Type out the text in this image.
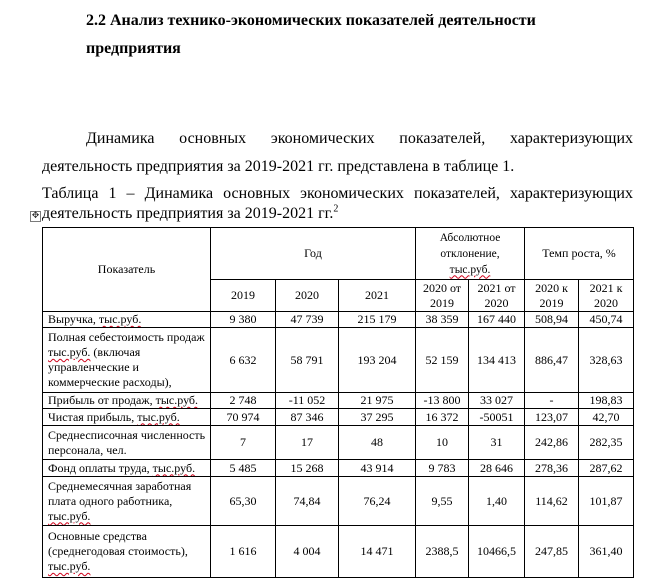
2.2 Анализ технико-экономических показателей деятельности
предприятия
Динамика основных экономических показателей, характеризующих
деятельность предприятия за 2019-2021 гг. представлена в таблице 1.
Таблица 1 – Динамика основных экономических показателей, характеризующих
деятельность предприятия за 2019-2021 гг.$^2$
✥
Показатель	Год			Абсолютное
отклонение,
тыс.руб.		Темп роста, %	
	2019	2020	2021	2020 от 2019	2021 от 2020	2020 к 2019	2021 к 2020
Выручка, тыс.руб.	9 380	47 739	215 179	38 359	167 440	508,94	450,74
Полная себестоимость продаж тыс.руб. (включая управленческие и коммерческие расходы),	6 632	58 791	193 204	52 159	134 413	886,47	328,63
Прибыль от продаж, тыс.руб.	2 748	-11 052	21 975	-13 800	33 027	-	198,83
Чистая прибыль, тыс.руб.	70 974	87 346	37 295	16 372	-50051	123,07	42,70
Среднесписочная численность персонала, чел.	7	17	48	10	31	242,86	282,35
Фонд оплаты труда, тыс.руб.	5 485	15 268	43 914	9 783	28 646	278,36	287,62
Среднемесячная заработная плата одного работника, тыс.руб.	65,30	74,84	76,24	9,55	1,40	114,62	101,87
Основные средства (среднегодовая стоимость), тыс.руб.	1 616	4 004	14 471	2388,5	10466,5	247,85	361,40
